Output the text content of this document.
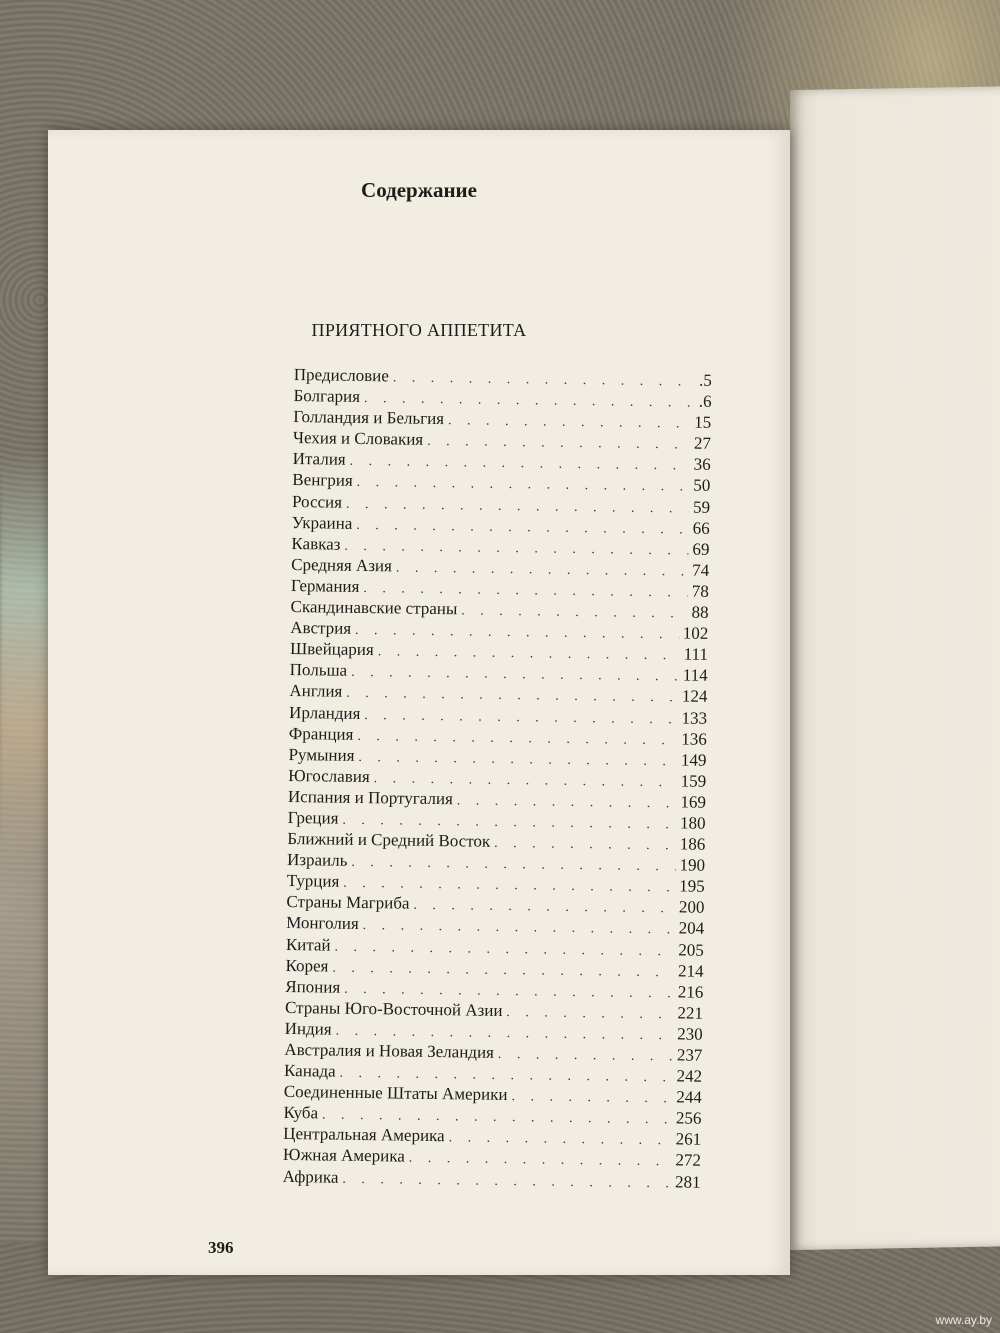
Содержание
ПРИЯТНОГО АППЕТИТА
Предисловие . . .	.5
Болгария . . .	.6
Голландия и Бельгия . . .	15
Чехия и Словакия . . .	27
Италия . . .	36
Венгрия . . .	50
Россия . . .	59
Украина . . .	66
Кавказ . . .	69
Средняя Азия . . .	74
Германия . . .	78
Скандинавские страны . . .	88
Австрия . . .	102
Швейцария . . .	111
Польша . . .	114
Англия . . .	124
Ирландия . . .	133
Франция . . .	136
Румыния . . .	149
Югославия . . .	159
Испания и Португалия . . .	169
Греция . . .	180
Ближний и Средний Восток . . .	186
Израиль . . .	190
Турция . . .	195
Страны Магриба . . .	200
Монголия . . .	204
Китай . . .	205
Корея . . .	214
Япония . . .	216
Страны Юго-Восточной Азии . . .	221
Индия . . .	230
Австралия и Новая Зеландия . . .	237
Канада . . .	242
Соединенные Штаты Америки . . .	244
Куба . . .	256
Центральная Америка . . .	261
Южная Америка . . .	272
Африка . . .	281
396
www.ay.by
